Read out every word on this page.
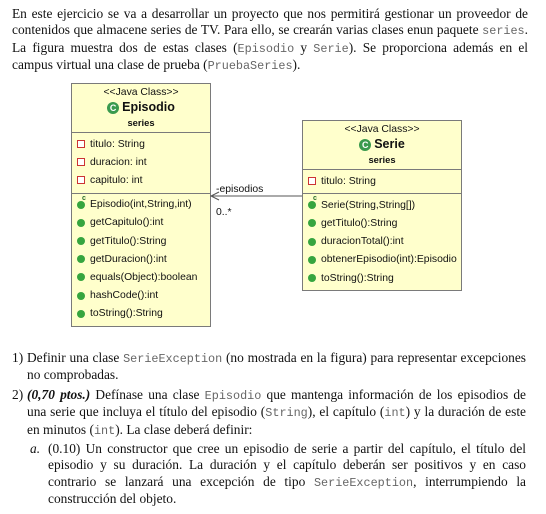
En este ejercicio se va a desarrollar un proyecto que nos permitirá gestionar un proveedor de contenidos que almacene series de TV. Para ello, se crearán varias clases enun paquete series. La figura muestra dos de estas clases (Episodio y Serie). Se proporciona además en el campus virtual una clase de prueba (PruebaSeries).
<<Java Class>>
C Episodio
series
titulo: String
duracion: int
capitulo: int
c
Episodio(int,String,int)
getCapitulo():int
getTitulo():String
getDuracion():int
equals(Object):boolean
hashCode():int
toString():String
<<Java Class>>
C Serie
series
titulo: String
c
Serie(String,String[])
getTitulo():String
duracionTotal():int
obtenerEpisodio(int):Episodio
toString():String
-episodios
0..*
1) Definir una clase SerieException (no mostrada en la figura) para representar excepciones no comprobadas.
2) (0,70 ptos.) Defínase una clase Episodio que mantenga información de los episodios de una serie que incluya el título del episodio (String), el capítulo (int) y la duración de este en minutos (int). La clase deberá definir:
a. (0.10) Un constructor que cree un episodio de serie a partir del capítulo, el título del episodio y su duración. La duración y el capítulo deberán ser positivos y en caso contrario se lanzará una excepción de tipo SerieException, interrumpiendo la construcción del objeto.
